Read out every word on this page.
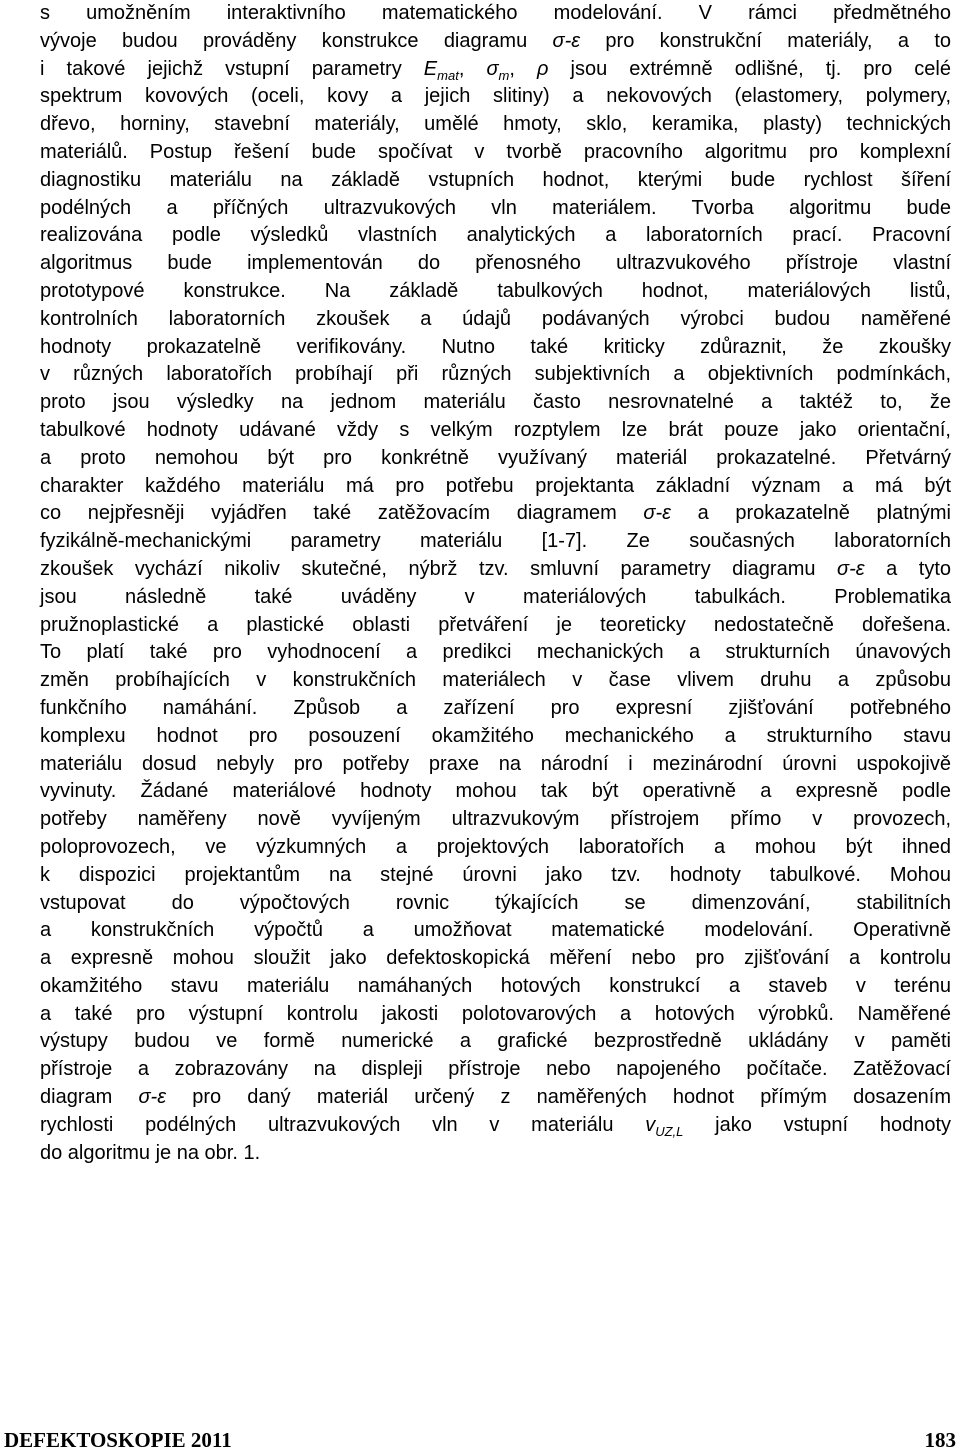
s umožněním interaktivního matematického modelování. V rámci předmětného
vývoje budou prováděny konstrukce diagramu σ-ε pro konstrukční materiály, a to
i takové jejichž vstupní parametry $E_{mat}$, $\sigma_m$, ρ jsou extrémně odlišné, tj. pro celé
spektrum kovových (oceli, kovy a jejich slitiny) a nekovových (elastomery, polymery,
dřevo, horniny, stavební materiály, umělé hmoty, sklo, keramika, plasty) technických
materiálů. Postup řešení bude spočívat v tvorbě pracovního algoritmu pro komplexní
diagnostiku materiálu na základě vstupních hodnot, kterými bude rychlost šíření
podélných a příčných ultrazvukových vln materiálem. Tvorba algoritmu bude
realizována podle výsledků vlastních analytických a laboratorních prací. Pracovní
algoritmus bude implementován do přenosného ultrazvukového přístroje vlastní
prototypové konstrukce. Na základě tabulkových hodnot, materiálových listů,
kontrolních laboratorních zkoušek a údajů podávaných výrobci budou naměřené
hodnoty prokazatelně verifikovány. Nutno také kriticky zdůraznit, že zkoušky
v různých laboratořích probíhají při různých subjektivních a objektivních podmínkách,
proto jsou výsledky na jednom materiálu často nesrovnatelné a taktéž to, že
tabulkové hodnoty udávané vždy s velkým rozptylem lze brát pouze jako orientační,
a proto nemohou být pro konkrétně využívaný materiál prokazatelné. Přetvárný
charakter každého materiálu má pro potřebu projektanta základní význam a má být
co nejpřesněji vyjádřen také zatěžovacím diagramem σ-ε a prokazatelně platnými
fyzikálně-mechanickými parametry materiálu [1-7]. Ze současných laboratorních
zkoušek vychází nikoliv skutečné, nýbrž tzv. smluvní parametry diagramu σ-ε a tyto
jsou následně také uváděny v materiálových tabulkách. Problematika
pružnoplastické a plastické oblasti přetváření je teoreticky nedostatečně dořešena.
To platí také pro vyhodnocení a predikci mechanických a strukturních únavových
změn probíhajících v konstrukčních materiálech v čase vlivem druhu a způsobu
funkčního namáhání. Způsob a zařízení pro expresní zjišťování potřebného
komplexu hodnot pro posouzení okamžitého mechanického a strukturního stavu
materiálu dosud nebyly pro potřeby praxe na národní i mezinárodní úrovni uspokojivě
vyvinuty. Žádané materiálové hodnoty mohou tak být operativně a expresně podle
potřeby naměřeny nově vyvíjeným ultrazvukovým přístrojem přímo v provozech,
poloprovozech, ve výzkumných a projektových laboratořích a mohou být ihned
k dispozici projektantům na stejné úrovni jako tzv. hodnoty tabulkové. Mohou
vstupovat do výpočtových rovnic týkajících se dimenzování, stabilitních
a konstrukčních výpočtů a umožňovat matematické modelování. Operativně
a expresně mohou sloužit jako defektoskopická měření nebo pro zjišťování a kontrolu
okamžitého stavu materiálu namáhaných hotových konstrukcí a staveb v terénu
a také pro výstupní kontrolu jakosti polotovarových a hotových výrobků. Naměřené
výstupy budou ve formě numerické a grafické bezprostředně ukládány v paměti
přístroje a zobrazovány na displeji přístroje nebo napojeného počítače. Zatěžovací
diagram σ-ε pro daný materiál určený z naměřených hodnot přímým dosazením
rychlosti podélných ultrazvukových vln v materiálu $v_{UZ,L}$ jako vstupní hodnoty
do algoritmu je na obr. 1.
DEFEKTOSKOPIE 2011	183
